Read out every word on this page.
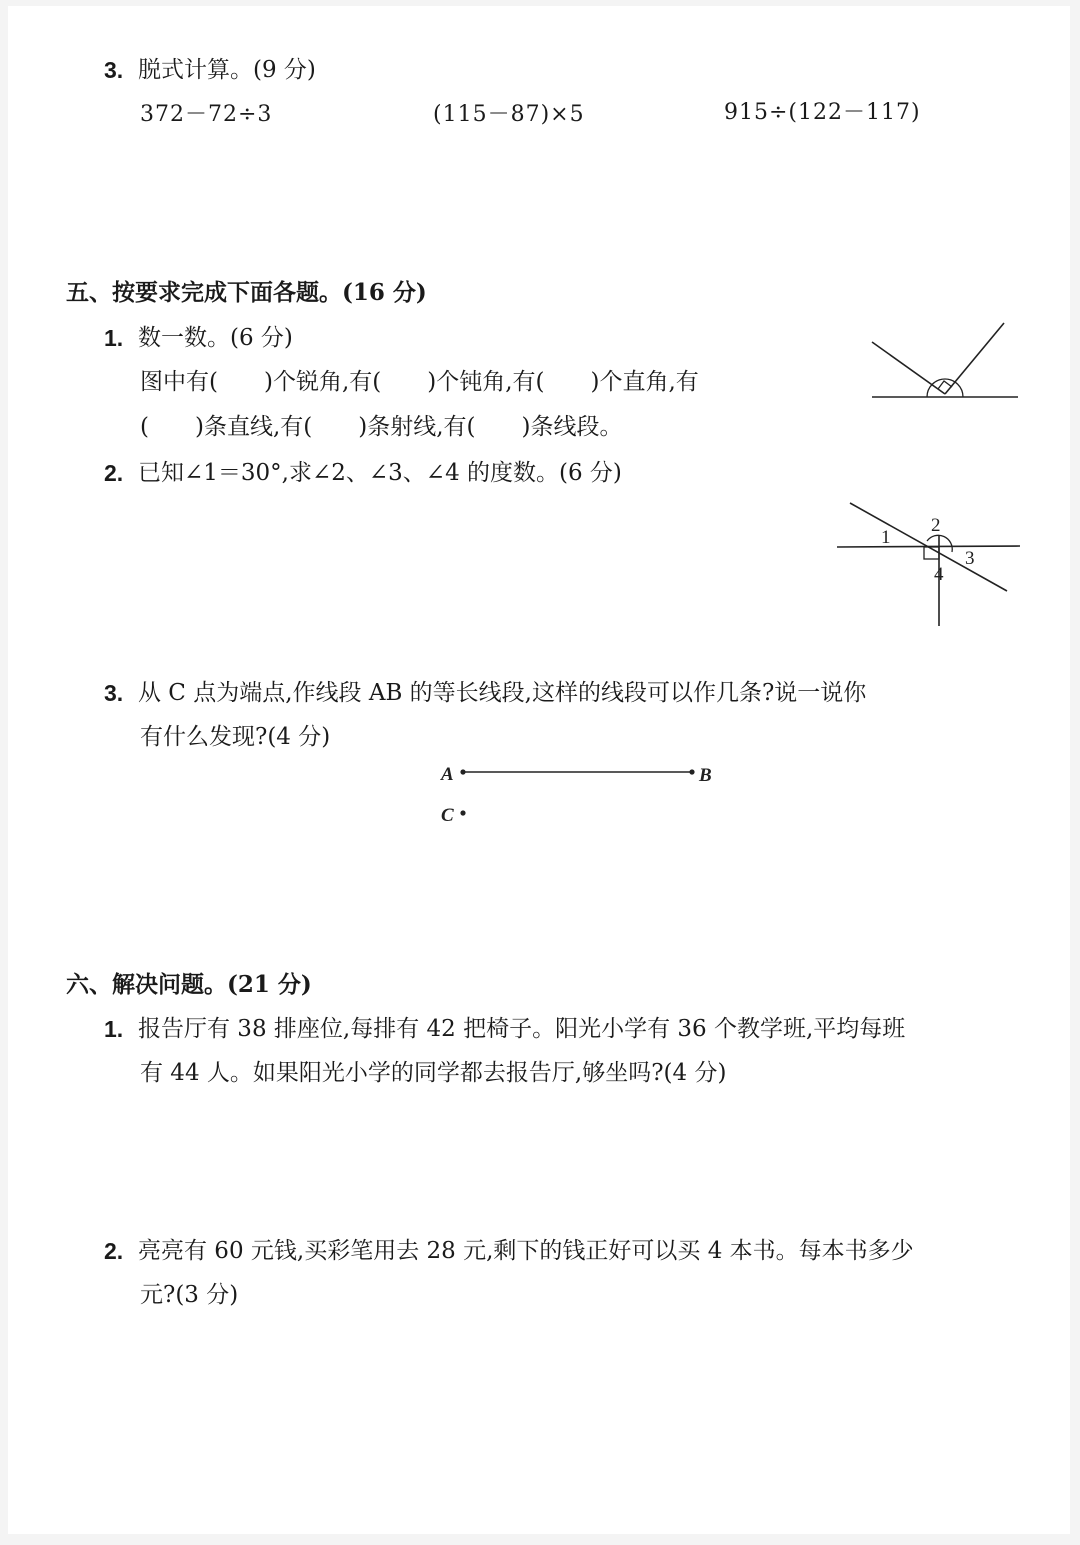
3. 脱式计算。(9 分)
372－72÷3	(115－87)×5	915÷(122－117)
五、按要求完成下面各题。(16 分)
1. 数一数。(6 分)
图中有(　　)个锐角,有(　　)个钝角,有(　　)个直角,有
(　　)条直线,有(　　)条射线,有(　　)条线段。
2. 已知∠1＝30°,求∠2、∠3、∠4 的度数。(6 分)
1
2
3
4
3. 从 C 点为端点,作线段 AB 的等长线段,这样的线段可以作几条?说一说你
有什么发现?(4 分)
A	B
C
六、解决问题。(21 分)
1. 报告厅有 38 排座位,每排有 42 把椅子。阳光小学有 36 个教学班,平均每班
有 44 人。如果阳光小学的同学都去报告厅,够坐吗?(4 分)
2. 亮亮有 60 元钱,买彩笔用去 28 元,剩下的钱正好可以买 4 本书。每本书多少
元?(3 分)
